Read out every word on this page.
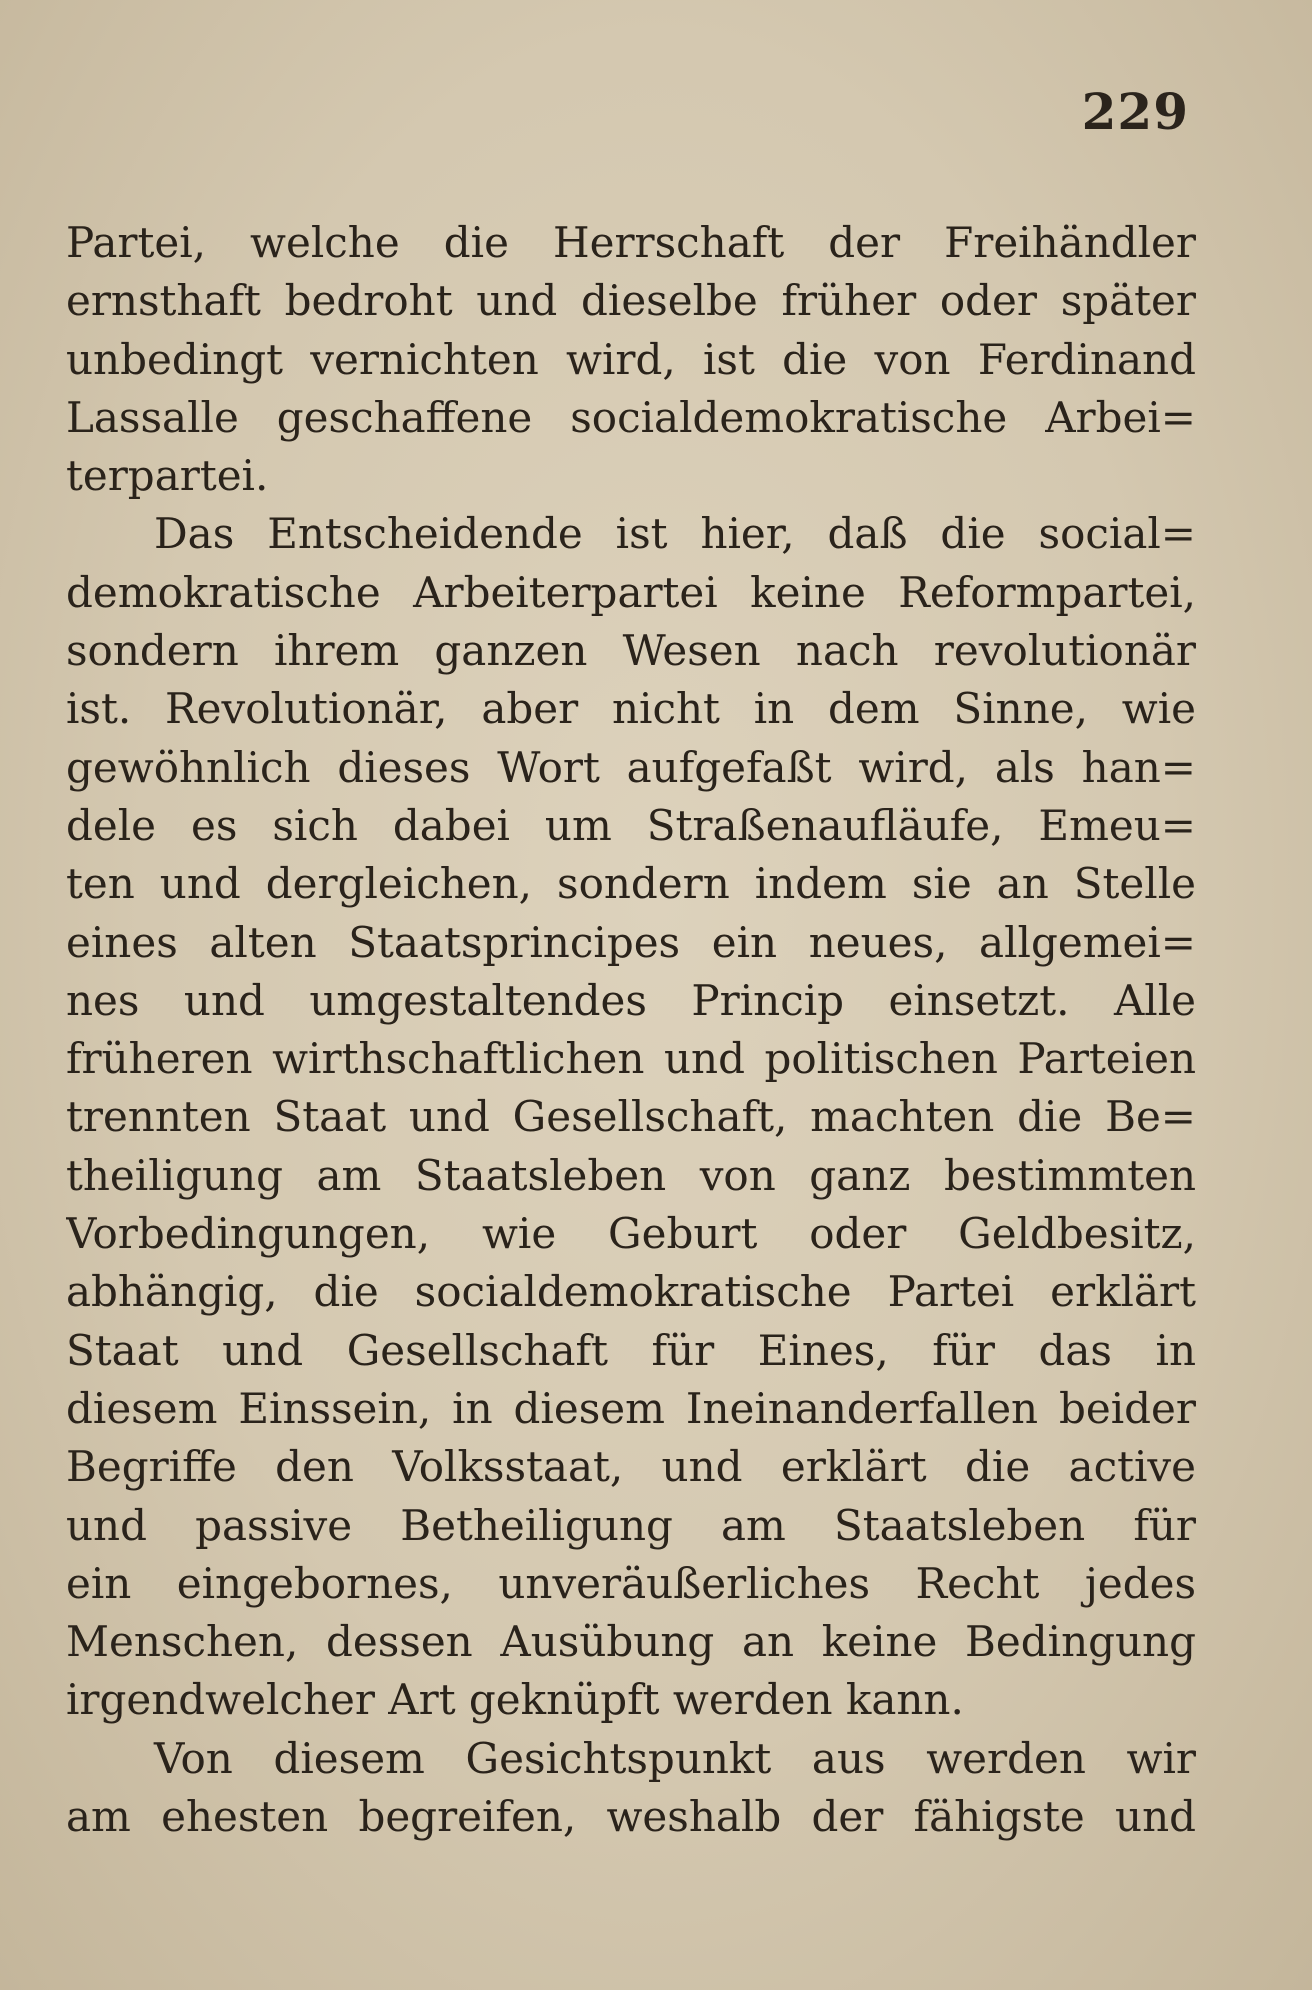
229
Partei, welche die Herrschaft der Freihändler
ernsthaft bedroht und dieselbe früher oder später
unbedingt vernichten wird, ist die von Ferdinand
Lassalle geschaffene socialdemokratische Arbei=
terpartei.
Das Entscheidende ist hier, daß die social=
demokratische Arbeiterpartei keine Reformpartei,
sondern ihrem ganzen Wesen nach revolutionär
ist. Revolutionär, aber nicht in dem Sinne, wie
gewöhnlich dieses Wort aufgefaßt wird, als han=
dele es sich dabei um Straßenaufläufe, Emeu=
ten und dergleichen, sondern indem sie an Stelle
eines alten Staatsprincipes ein neues, allgemei=
nes und umgestaltendes Princip einsetzt. Alle
früheren wirthschaftlichen und politischen Parteien
trennten Staat und Gesellschaft, machten die Be=
theiligung am Staatsleben von ganz bestimmten
Vorbedingungen, wie Geburt oder Geldbesitz,
abhängig, die socialdemokratische Partei erklärt
Staat und Gesellschaft für Eines, für das in
diesem Einssein, in diesem Ineinanderfallen beider
Begriffe den Volksstaat, und erklärt die active
und passive Betheiligung am Staatsleben für
ein eingebornes, unveräußerliches Recht jedes
Menschen, dessen Ausübung an keine Bedingung
irgendwelcher Art geknüpft werden kann.
Von diesem Gesichtspunkt aus werden wir
am ehesten begreifen, weshalb der fähigste und
